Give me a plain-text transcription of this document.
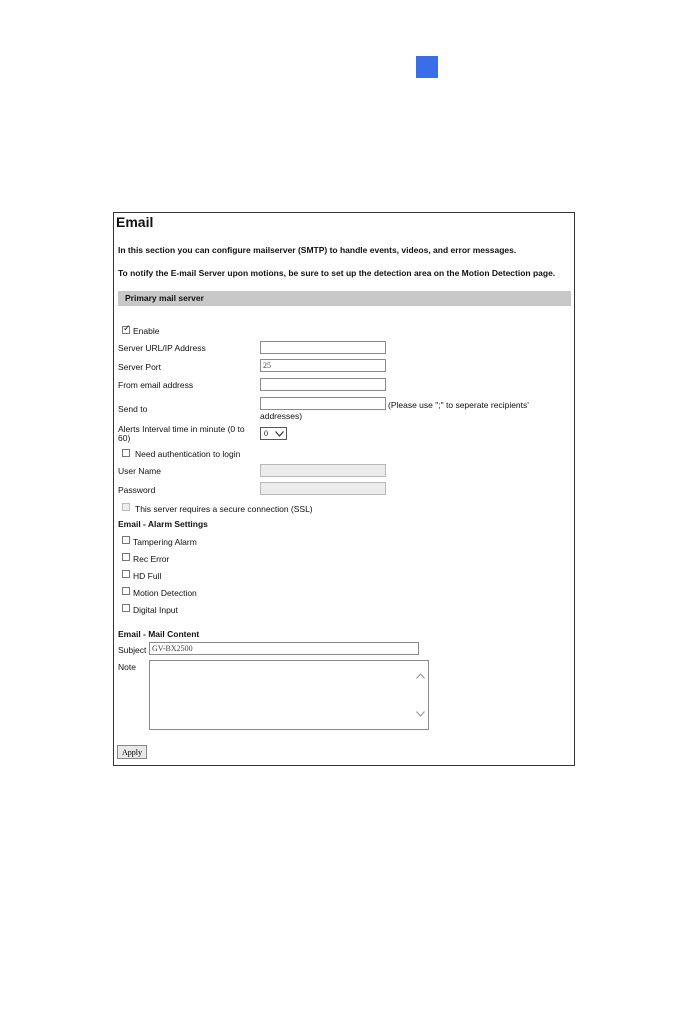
Email
In this section you can configure mailserver (SMTP) to handle events, videos, and error messages.
To notify the E-mail Server upon motions, be sure to set up the detection area on the Motion Detection page.
Primary mail server
✓
Enable
Server URL/IP Address
Server Port	25
From email address
Send to	(Please use ";" to seperate recipients'
addresses)
Alerts Interval time in minute (0 to
60)	0
Need authentication to login
User Name
Password
This server requires a secure connection (SSL)
Email - Alarm Settings
Tampering Alarm
Rec Error
HD Full
Motion Detection
Digital Input
Email - Mail Content
Subject GV-BX2500
Note
Apply
